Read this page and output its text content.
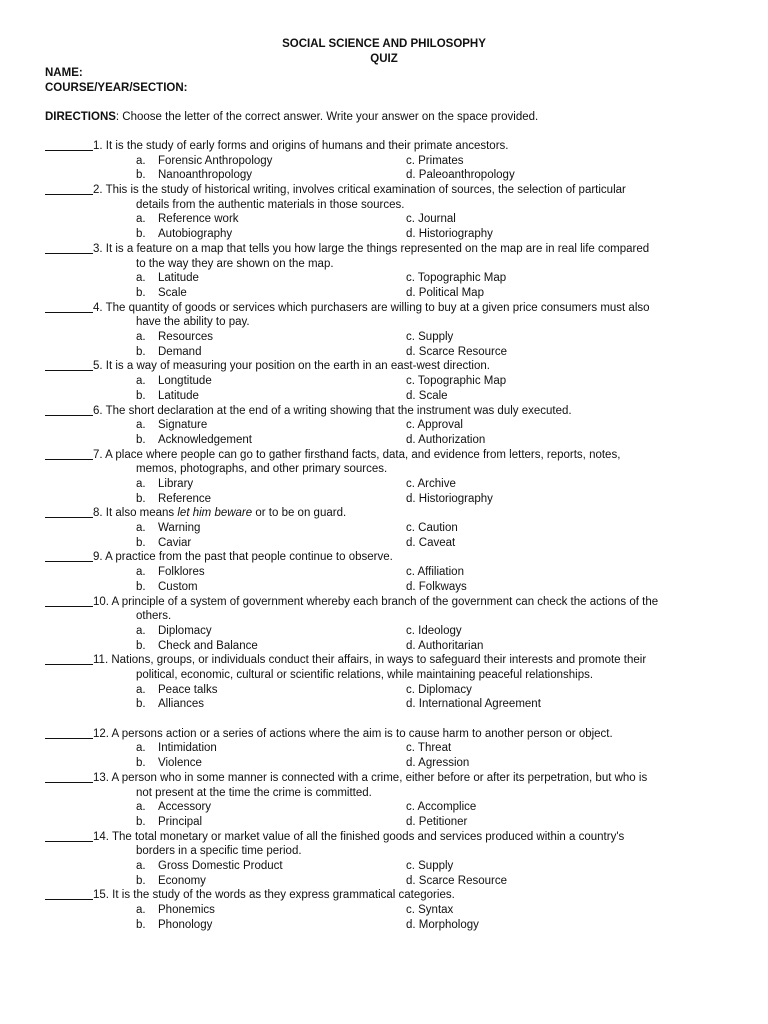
SOCIAL SCIENCE AND PHILOSOPHY
QUIZ
NAME:
COURSE/YEAR/SECTION:
DIRECTIONS: Choose the letter of the correct answer. Write your answer on the space provided.
1. It is the study of early forms and origins of humans and their primate ancestors.
a. Forensic Anthropology	c. Primates
b. Nanoanthropology	d. Paleoanthropology
2. This is the study of historical writing, involves critical examination of sources, the selection of particular
details from the authentic materials in those sources.
a. Reference work	c. Journal
b. Autobiography	d. Historiography
3. It is a feature on a map that tells you how large the things represented on the map are in real life compared
to the way they are shown on the map.
a. Latitude	c. Topographic Map
b. Scale	d. Political Map
4. The quantity of goods or services which purchasers are willing to buy at a given price consumers must also
have the ability to pay.
a. Resources	c. Supply
b. Demand	d. Scarce Resource
5. It is a way of measuring your position on the earth in an east-west direction.
a. Longtitude	c. Topographic Map
b. Latitude	d. Scale
6. The short declaration at the end of a writing showing that the instrument was duly executed.
a. Signature	c. Approval
b. Acknowledgement	d. Authorization
7. A place where people can go to gather firsthand facts, data, and evidence from letters, reports, notes,
memos, photographs, and other primary sources.
a. Library	c. Archive
b. Reference	d. Historiography
8. It also means let him beware or to be on guard.
a. Warning	c. Caution
b. Caviar	d. Caveat
9. A practice from the past that people continue to observe.
a. Folklores	c. Affiliation
b. Custom	d. Folkways
10. A principle of a system of government whereby each branch of the government can check the actions of the
others.
a. Diplomacy	c. Ideology
b. Check and Balance	d. Authoritarian
11. Nations, groups, or individuals conduct their affairs, in ways to safeguard their interests and promote their
political, economic, cultural or scientific relations, while maintaining peaceful relationships.
a. Peace talks	c. Diplomacy
b. Alliances	d. International Agreement
12. A persons action or a series of actions where the aim is to cause harm to another person or object.
a. Intimidation	c. Threat
b. Violence	d. Agression
13. A person who in some manner is connected with a crime, either before or after its perpetration, but who is
not present at the time the crime is committed.
a. Accessory	c. Accomplice
b. Principal	d. Petitioner
14. The total monetary or market value of all the finished goods and services produced within a country's
borders in a specific time period.
a. Gross Domestic Product	c. Supply
b. Economy	d. Scarce Resource
15. It is the study of the words as they express grammatical categories.
a. Phonemics	c. Syntax
b. Phonology	d. Morphology
